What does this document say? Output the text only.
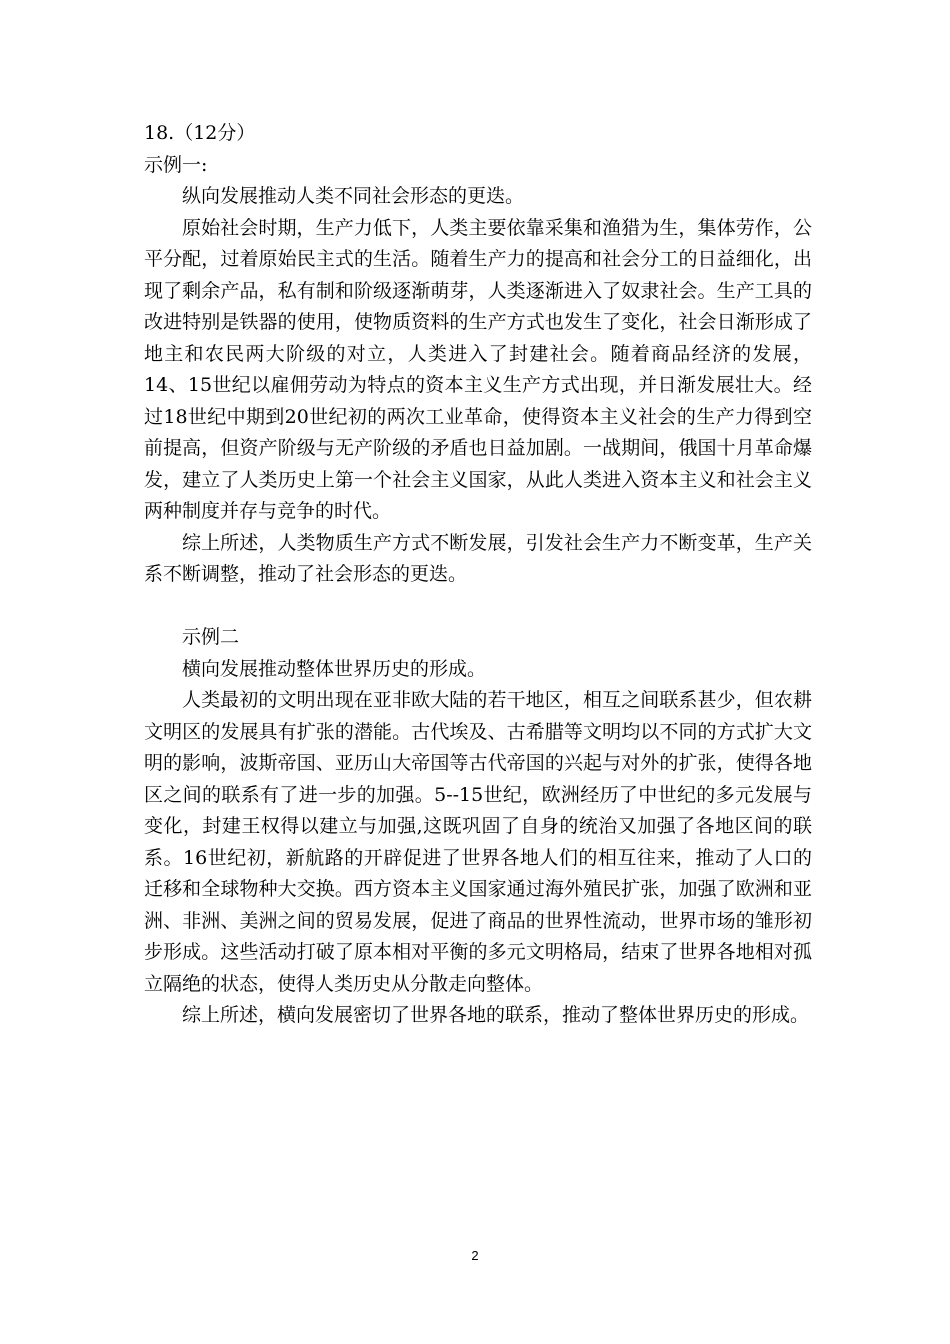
18.（12分）

示例一:

纵向发展推动人类不同社会形态的更迭。

原始社会时期，生产力低下，人类主要依靠采集和渔猎为生，集体劳作，公平分配，过着原始民主式的生活。随着生产力的提高和社会分工的日益细化，出现了剩余产品，私有制和阶级逐渐萌芽，人类逐渐进入了奴隶社会。生产工具的改进特别是铁器的使用，使物质资料的生产方式也发生了变化，社会日渐形成了地主和农民两大阶级的对立，人类进入了封建社会。随着商品经济的发展，14、15世纪以雇佣劳动为特点的资本主义生产方式出现，并日渐发展壮大。经过18世纪中期到20世纪初的两次工业革命，使得资本主义社会的生产力得到空前提高，但资产阶级与无产阶级的矛盾也日益加剧。一战期间，俄国十月革命爆发，建立了人类历史上第一个社会主义国家，从此人类进入资本主义和社会主义两种制度并存与竞争的时代。

综上所述，人类物质生产方式不断发展，引发社会生产力不断变革，生产关系不断调整，推动了社会形态的更迭。

示例二

横向发展推动整体世界历史的形成。

人类最初的文明出现在亚非欧大陆的若干地区，相互之间联系甚少，但农耕文明区的发展具有扩张的潜能。古代埃及、古希腊等文明均以不同的方式扩大文明的影响，波斯帝国、亚历山大帝国等古代帝国的兴起与对外的扩张，使得各地区之间的联系有了进一步的加强。5--15世纪，欧洲经历了中世纪的多元发展与变化，封建王权得以建立与加强,这既巩固了自身的统治又加强了各地区间的联系。16世纪初，新航路的开辟促进了世界各地人们的相互往来，推动了人口的迁移和全球物种大交换。西方资本主义国家通过海外殖民扩张，加强了欧洲和亚洲、非洲、美洲之间的贸易发展，促进了商品的世界性流动，世界市场的雏形初步形成。这些活动打破了原本相对平衡的多元文明格局，结束了世界各地相对孤立隔绝的状态，使得人类历史从分散走向整体。

综上所述，横向发展密切了世界各地的联系，推动了整体世界历史的形成。

2
